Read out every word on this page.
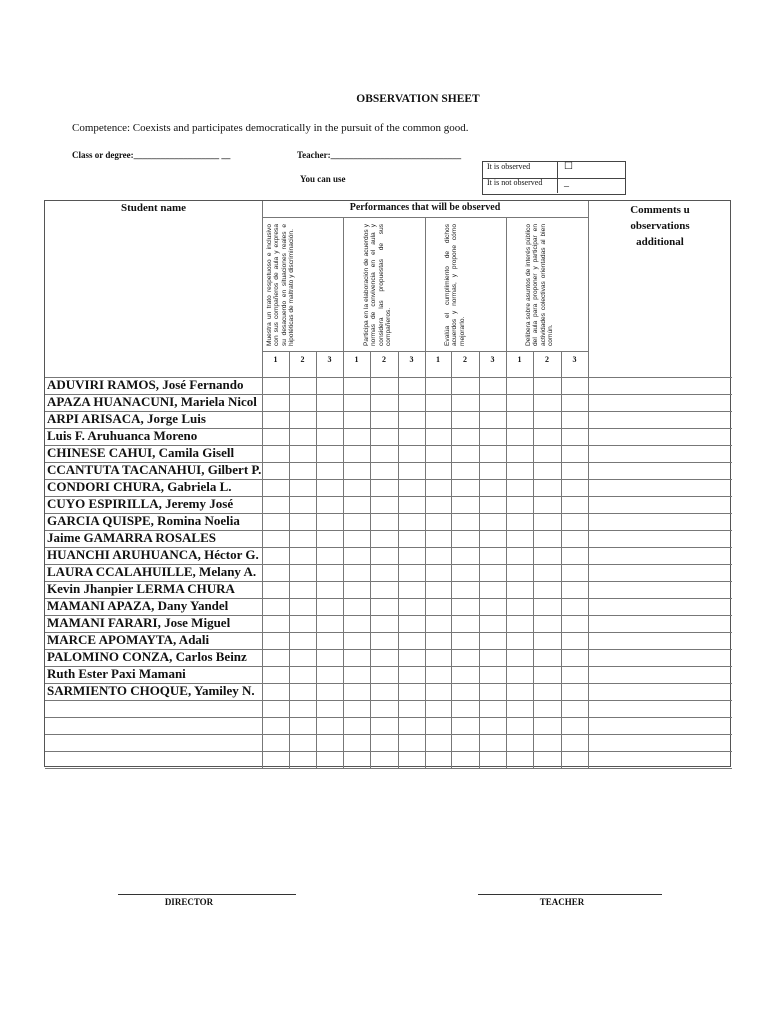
OBSERVATION SHEET
Competence: Coexists and participates democratically in the pursuit of the common good.
Class or degree:___________________ __	Teacher:_____________________________
You can use
It is observed	☐
It is not observed	_
Student name	Performances that will be observed	Comments u
observations
additional
Muestra un trato respetuoso e inclusivo con sus compañeros de aula y expresa su desacuerdo en situaciones reales e hipotéticas de maltrato y discriminación.	Participa en la elaboración de acuerdos y normas de convivencia en el aula y considera las propuestas de sus compañeros.	Evalúa el cumplimiento de dichos acuerdos y normas, y propone cómo mejorarlo.	Delibera sobre asuntos de interés público del aula para proponer y participar en actividades colectivas orientadas al bien común.
1	2	3	1	2	3	1	2	3	1	2	3
ADUVIRI RAMOS, José Fernando
APAZA HUANACUNI, Mariela Nicol
ARPI ARISACA, Jorge Luis
Luis F. Aruhuanca Moreno
CHINESE CAHUI, Camila Gisell
CCANTUTA TACANAHUI, Gilbert P.
CONDORI CHURA, Gabriela L.
CUYO ESPIRILLA, Jeremy José
GARCIA QUISPE, Romina Noelia
Jaime GAMARRA ROSALES
HUANCHI ARUHUANCA, Héctor G.
LAURA CCALAHUILLE, Melany A.
Kevin Jhanpier LERMA CHURA
MAMANI APAZA, Dany Yandel
MAMANI FARARI, Jose Miguel
MARCE APOMAYTA, Adali
PALOMINO CONZA, Carlos Beinz
Ruth Ester Paxi Mamani
SARMIENTO CHOQUE, Yamiley N.
DIRECTOR	TEACHER
